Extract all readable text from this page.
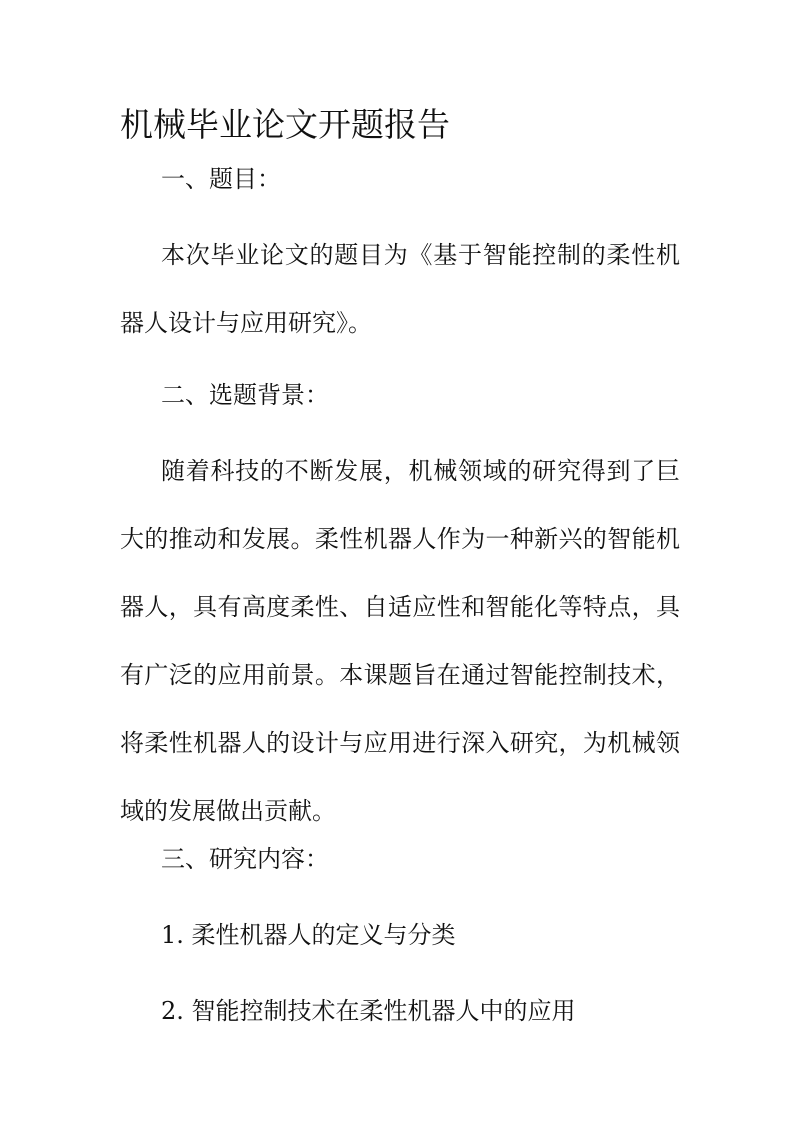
机械毕业论文开题报告
一、题目：
本次毕业论文的题目为《基于智能控制的柔性机
器人设计与应用研究》。
二、选题背景：
随着科技的不断发展，机械领域的研究得到了巨
大的推动和发展。柔性机器人作为一种新兴的智能机
器人，具有高度柔性、自适应性和智能化等特点，具
有广泛的应用前景。本课题旨在通过智能控制技术，
将柔性机器人的设计与应用进行深入研究，为机械领
域的发展做出贡献。
三、研究内容：
1. 柔性机器人的定义与分类
2. 智能控制技术在柔性机器人中的应用
